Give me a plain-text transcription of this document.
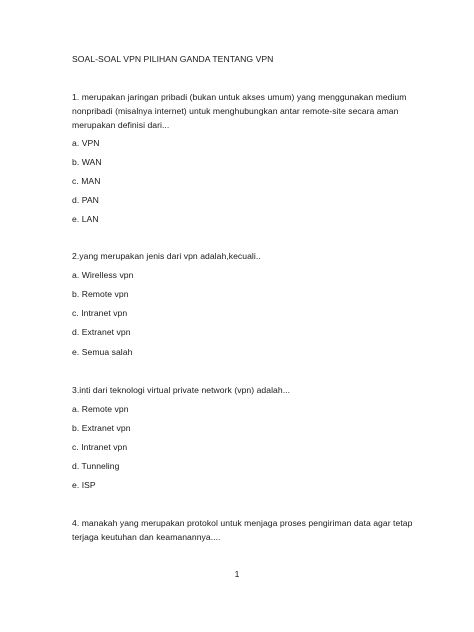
SOAL-SOAL VPN PILIHAN GANDA TENTANG VPN
1. merupakan jaringan pribadi (bukan untuk akses umum) yang menggunakan medium
nonpribadi (misalnya internet) untuk menghubungkan antar remote-site secara aman
merupakan definisi dari...
a. VPN
b. WAN
c. MAN
d. PAN
e. LAN
2.yang merupakan jenis dari vpn adalah,kecuali..
a. Wirelless vpn
b. Remote vpn
c. Intranet vpn
d. Extranet vpn
e. Semua salah
3.inti dari teknologi virtual private network (vpn) adalah...
a. Remote vpn
b. Extranet vpn
c. Intranet vpn
d. Tunneling
e. ISP
4. manakah yang merupakan protokol untuk menjaga proses pengiriman data agar tetap
terjaga keutuhan dan keamanannya....
1
